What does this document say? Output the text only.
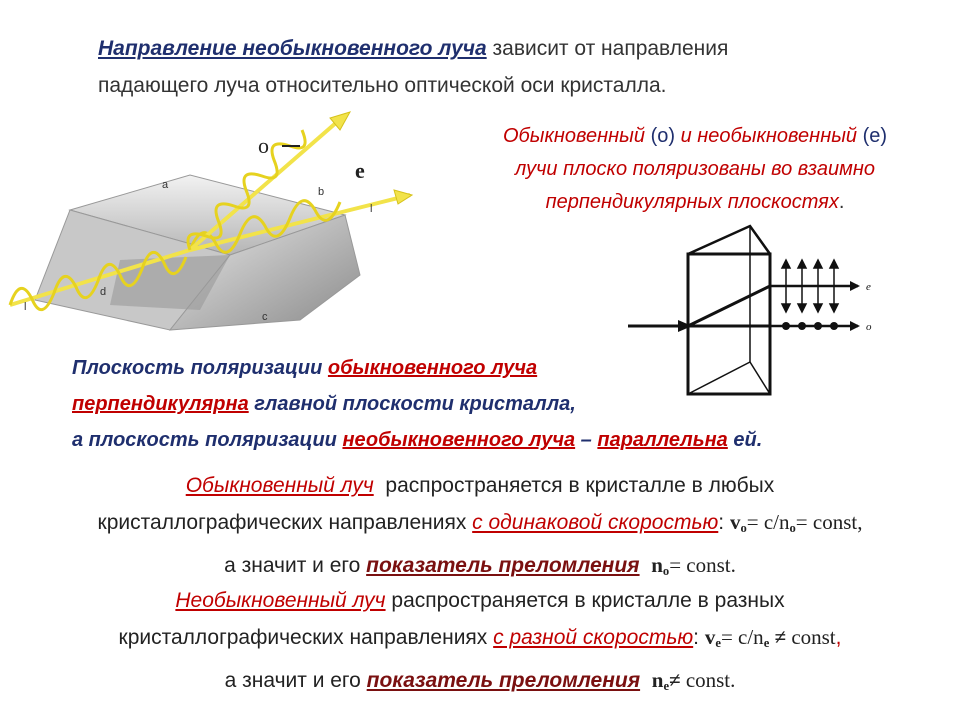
Направление необыкновенного луча зависит от направления
падающего луча относительно оптической оси кристалла.
Обыкновенный (о) и необыкновенный (е)
лучи плоско поляризованы во взаимно
перпендикулярных плоскостях.
a
b
c
d
l
l
о
е
e
o
Плоскость поляризации обыкновенного луча
перпендикулярна главной плоскости кристалла,
а плоскость поляризации необыкновенного луча – параллельна ей.
Обыкновенный луч распространяется в кристалле в любых
кристаллографических направлениях с одинаковой скоростью: $v_o= c/n_o=$ const,
а значит и его показатель преломления $n_o=$ const.
Необыкновенный луч распространяется в кристалле в разных
кристаллографических направлениях с разной скоростью: $v_e= c/n_e$ ≠ const,
а значит и его показатель преломления $n_e\ne$ const.
